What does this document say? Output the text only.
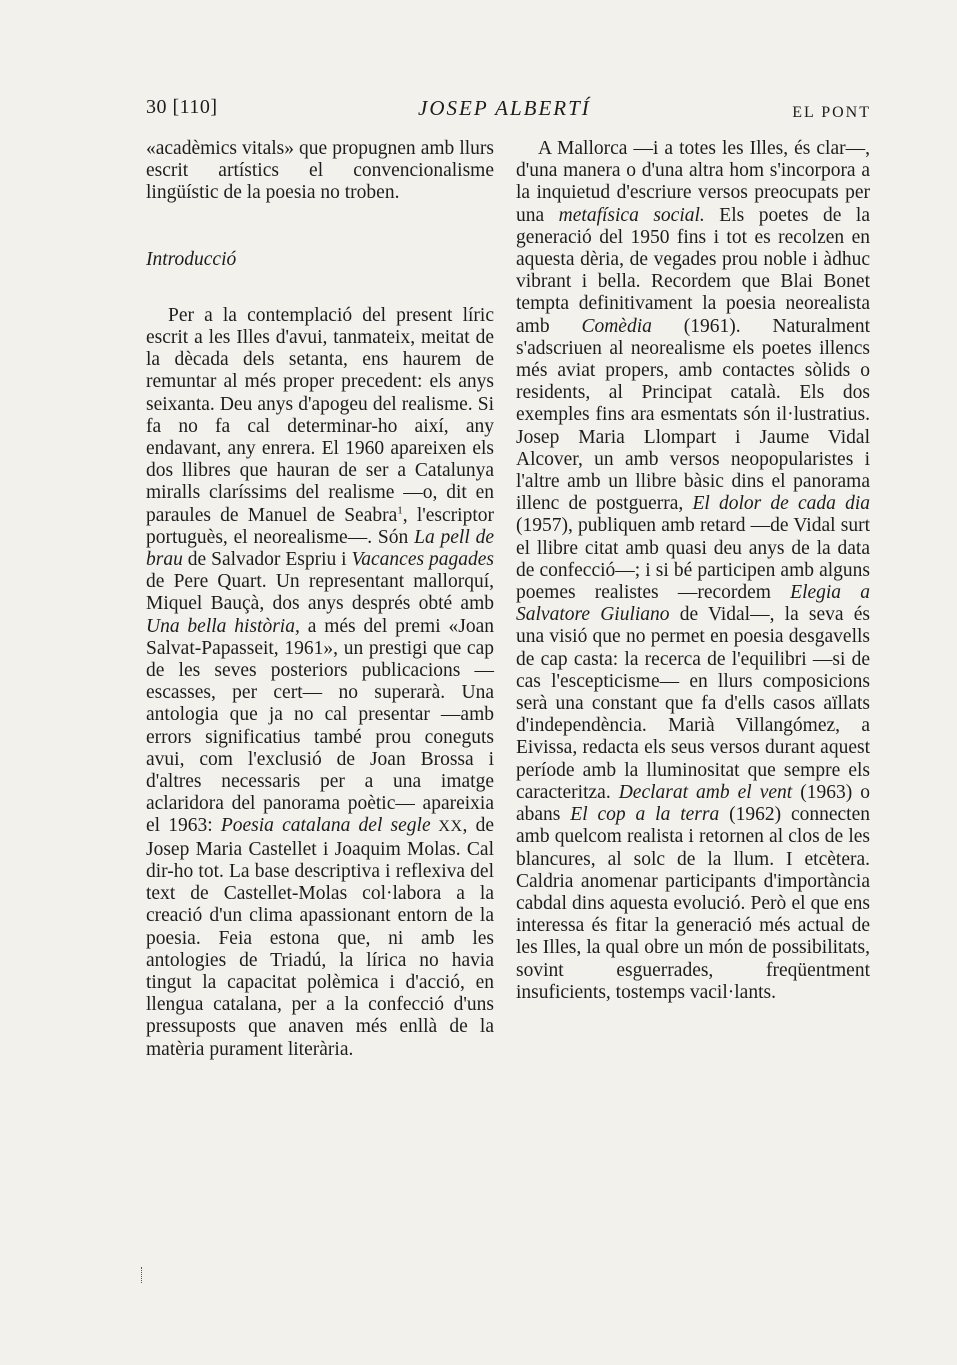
30 [110]	JOSEP ALBERTÍ	EL PONT

«acadèmics vitals» que propugnen amb llurs escrit artístics el convencionalisme lingüístic de la poesia no troben.

Introducció

Per a la contemplació del present líric escrit a les Illes d'avui, tanmateix, meitat de la dècada dels setanta, ens haurem de remuntar al més proper precedent: els anys seixanta. Deu anys d'apogeu del realisme. Si fa no fa cal determinar-ho així, any endavant, any enrera. El 1960 apareixen els dos llibres que hauran de ser a Catalunya miralls claríssims del realisme —o, dit en paraules de Manuel de Seabra$^1$, l'escriptor portuguès, el neorealisme—. Són La pell de brau de Salvador Espriu i Vacances pagades de Pere Quart. Un representant mallorquí, Miquel Bauçà, dos anys després obté amb Una bella història, a més del premi «Joan Salvat-Papasseit, 1961», un prestigi que cap de les seves posteriors publicacions —escasses, per cert— no superarà. Una antologia que ja no cal presentar —amb errors significatius també prou coneguts avui, com l'exclusió de Joan Brossa i d'altres necessaris per a una imatge aclaridora del panorama poètic— apareixia el 1963: Poesia catalana del segle XX, de Josep Maria Castellet i Joaquim Molas. Cal dir-ho tot. La base descriptiva i reflexiva del text de Castellet-Molas col·labora a la creació d'un clima apassionant entorn de la poesia. Feia estona que, ni amb les antologies de Triadú, la lírica no havia tingut la capacitat polèmica i d'acció, en llengua catalana, per a la confecció d'uns pressuposts que anaven més enllà de la matèria purament literària.

A Mallorca —i a totes les Illes, és clar—, d'una manera o d'una altra hom s'incorpora a la inquietud d'escriure versos preocupats per una metafísica social. Els poetes de la generació del 1950 fins i tot es recolzen en aquesta dèria, de vegades prou noble i àdhuc vibrant i bella. Recordem que Blai Bonet tempta definitivament la poesia neorealista amb Comèdia (1961). Naturalment s'adscriuen al neorealisme els poetes illencs més aviat propers, amb contactes sòlids o residents, al Principat català. Els dos exemples fins ara esmentats són il·lustratius. Josep Maria Llompart i Jaume Vidal Alcover, un amb versos neopopularistes i l'altre amb un llibre bàsic dins el panorama illenc de postguerra, El dolor de cada dia (1957), publiquen amb retard —de Vidal surt el llibre citat amb quasi deu anys de la data de confecció—; i si bé participen amb alguns poemes realistes —recordem Elegia a Salvatore Giuliano de Vidal—, la seva és una visió que no permet en poesia desgavells de cap casta: la recerca de l'equilibri —si de cas l'escepticisme— en llurs composicions serà una constant que fa d'ells casos aïllats d'independència. Marià Villangómez, a Eivissa, redacta els seus versos durant aquest període amb la lluminositat que sempre els caracteritza. Declarat amb el vent (1963) o abans El cop a la terra (1962) connecten amb quelcom realista i retornen al clos de les blancures, al solc de la llum. I etcètera. Caldria anomenar participants d'importància cabdal dins aquesta evolució. Però el que ens interessa és fitar la generació més actual de les Illes, la qual obre un món de possibilitats, sovint esguerrades, freqüentment insuficients, tostemps vacil·lants.
